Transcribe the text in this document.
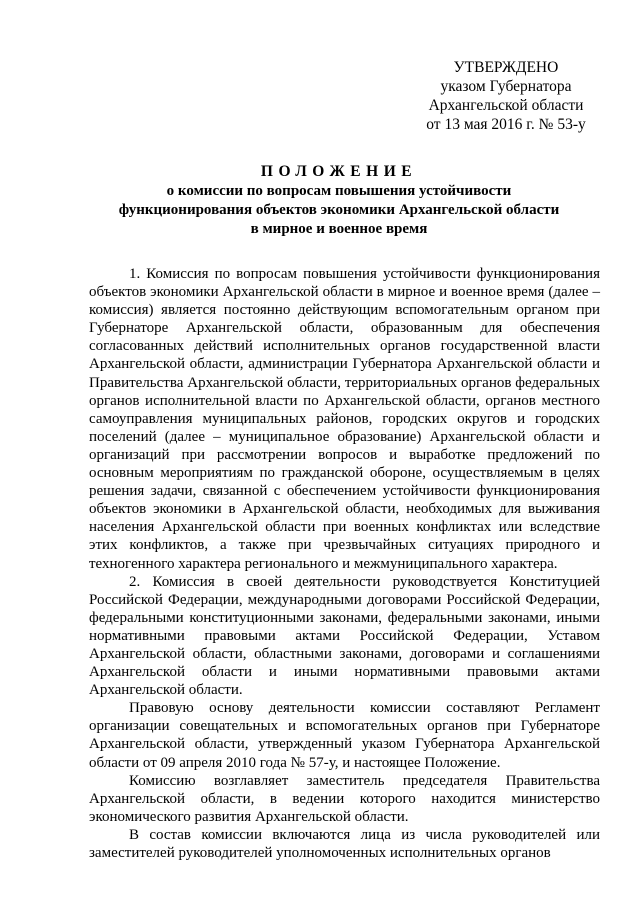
УТВЕРЖДЕНО
указом Губернатора
Архангельской области
от 13 мая 2016 г. № 53-у
ПОЛОЖЕНИЕ
о комиссии по вопросам повышения устойчивости
функционирования объектов экономики Архангельской области
в мирное и военное время

1. Комиссия по вопросам повышения устойчивости функционирования объектов экономики Архангельской области в мирное и военное время (далее – комиссия) является постоянно действующим вспомогательным органом при Губернаторе Архангельской области, образованным для обеспечения согласованных действий исполнительных органов государственной власти Архангельской области, администрации Губернатора Архангельской области и Правительства Архангельской области, территориальных органов федеральных органов исполнительной власти по Архангельской области, органов местного самоуправления муниципальных районов, городских округов и городских поселений (далее – муниципальное образование) Архангельской области и организаций при рассмотрении вопросов и выработке предложений по основным мероприятиям по гражданской обороне, осуществляемым в целях решения задачи, связанной с обеспечением устойчивости функционирования объектов экономики в Архангельской области, необходимых для выживания населения Архангельской области при военных конфликтах или вследствие этих конфликтов, а также при чрезвычайных ситуациях природного и техногенного характера регионального и межмуниципального характера.

2. Комиссия в своей деятельности руководствуется Конституцией Российской Федерации, международными договорами Российской Федерации, федеральными конституционными законами, федеральными законами, иными нормативными правовыми актами Российской Федерации, Уставом Архангельской области, областными законами, договорами и соглашениями Архангельской области и иными нормативными правовыми актами Архангельской области.

Правовую основу деятельности комиссии составляют Регламент организации совещательных и вспомогательных органов при Губернаторе Архангельской области, утвержденный указом Губернатора Архангельской области от 09 апреля 2010 года № 57-у, и настоящее Положение.

Комиссию возглавляет заместитель председателя Правительства Архангельской области, в ведении которого находится министерство экономического развития Архангельской области.

В состав комиссии включаются лица из числа руководителей или заместителей руководителей уполномоченных исполнительных органов
